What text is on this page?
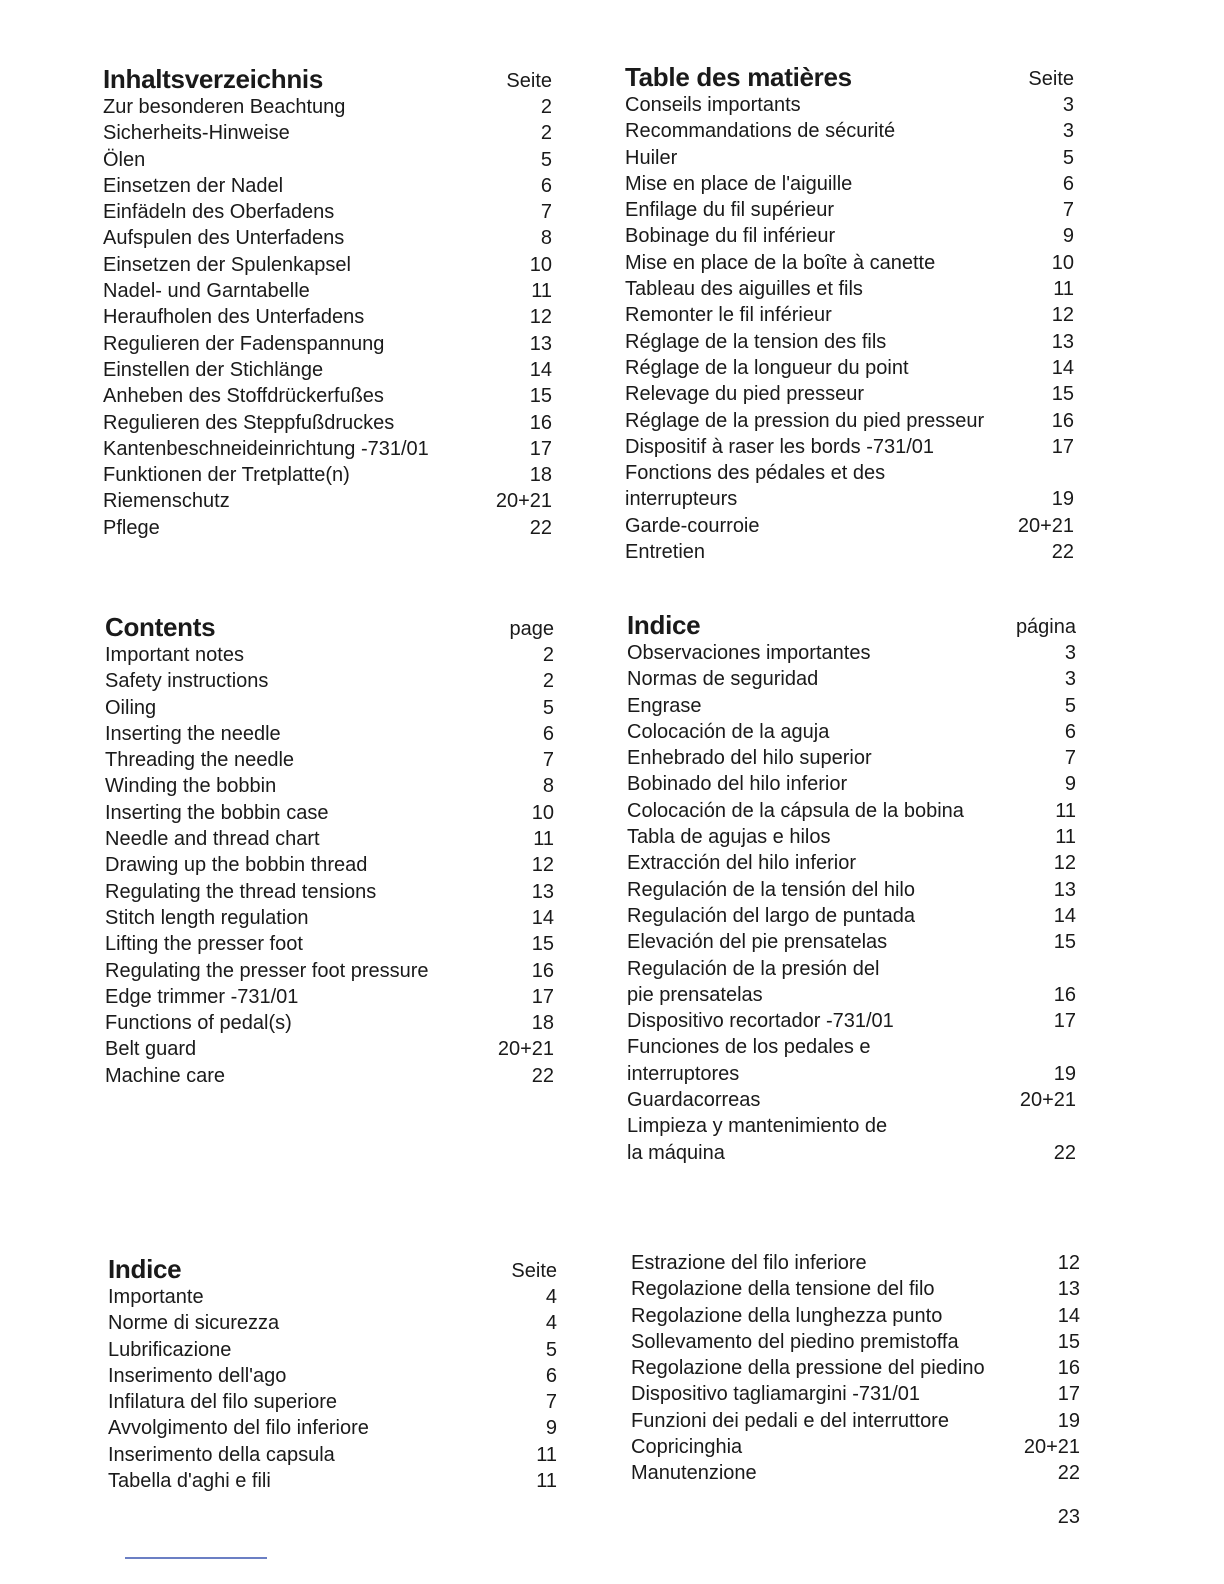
Inhaltsverzeichnis	Seite
Zur besonderen Beachtung	2
Sicherheits-Hinweise	2
Ölen	5
Einsetzen der Nadel	6
Einfädeln des Oberfadens	7
Aufspulen des Unterfadens	8
Einsetzen der Spulenkapsel	10
Nadel- und Garntabelle	11
Heraufholen des Unterfadens	12
Regulieren der Fadenspannung	13
Einstellen der Stichlänge	14
Anheben des Stoffdrückerfußes	15
Regulieren des Steppfußdruckes	16
Kantenbeschneideinrichtung -731/01	17
Funktionen der Tretplatte(n)	18
Riemenschutz	20+21
Pflege	22
Table des matières	Seite
Conseils importants	3
Recommandations de sécurité	3
Huiler	5
Mise en place de l'aiguille	6
Enfilage du fil supérieur	7
Bobinage du fil inférieur	9
Mise en place de la boîte à canette	10
Tableau des aiguilles et fils	11
Remonter le fil inférieur	12
Réglage de la tension des fils	13
Réglage de la longueur du point	14
Relevage du pied presseur	15
Réglage de la pression du pied presseur	16
Dispositif à raser les bords -731/01	17
Fonctions des pédales et des
interrupteurs	19
Garde-courroie	20+21
Entretien	22
Contents	page
Important notes	2
Safety instructions	2
Oiling	5
Inserting the needle	6
Threading the needle	7
Winding the bobbin	8
Inserting the bobbin case	10
Needle and thread chart	11
Drawing up the bobbin thread	12
Regulating the thread tensions	13
Stitch length regulation	14
Lifting the presser foot	15
Regulating the presser foot pressure	16
Edge trimmer -731/01	17
Functions of pedal(s)	18
Belt guard	20+21
Machine care	22
Indice	página
Observaciones importantes	3
Normas de seguridad	3
Engrase	5
Colocación de la aguja	6
Enhebrado del hilo superior	7
Bobinado del hilo inferior	9
Colocación de la cápsula de la bobina	11
Tabla de agujas e hilos	11
Extracción del hilo inferior	12
Regulación de la tensión del hilo	13
Regulación del largo de puntada	14
Elevación del pie prensatelas	15
Regulación de la presión del
pie prensatelas	16
Dispositivo recortador -731/01	17
Funciones de los pedales e
interruptores	19
Guardacorreas	20+21
Limpieza y mantenimiento de
la máquina	22
Indice	Seite
Importante	4
Norme di sicurezza	4
Lubrificazione	5
Inserimento dell'ago	6
Infilatura del filo superiore	7
Avvolgimento del filo inferiore	9
Inserimento della capsula	11
Tabella d'aghi e fili	11
Estrazione del filo inferiore	12
Regolazione della tensione del filo	13
Regolazione della lunghezza punto	14
Sollevamento del piedino premistoffa	15
Regolazione della pressione del piedino	16
Dispositivo tagliamargini -731/01	17
Funzioni dei pedali e del interruttore	19
Copricinghia	20+21
Manutenzione	22
23
